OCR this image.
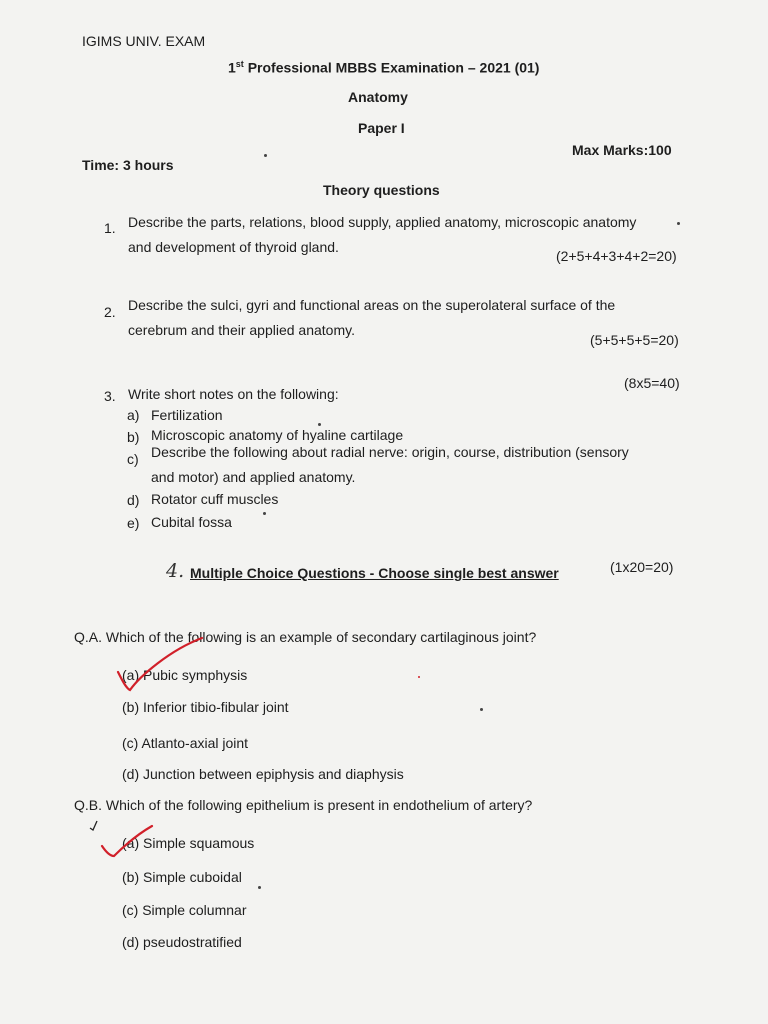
IGIMS UNIV. EXAM
1st Professional MBBS Examination – 2021 (01)
Anatomy
Paper I
Max Marks:100
Time: 3 hours
Theory questions
1. Describe the parts, relations, blood supply, applied anatomy, microscopic anatomy
and development of thyroid gland.
(2+5+4+3+4+2=20)
2. Describe the sulci, gyri and functional areas on the superolateral surface of the
cerebrum and their applied anatomy.
(5+5+5+5=20)
3. Write short notes on the following:
(8x5=40)
a) Fertilization
b) Microscopic anatomy of hyaline cartilage
c) Describe the following about radial nerve: origin, course, distribution (sensory
and motor) and applied anatomy.
d) Rotator cuff muscles
e) Cubital fossa
4. Multiple Choice Questions - Choose single best answer	(1x20=20)
Q.A. Which of the following is an example of secondary cartilaginous joint?
(a) Pubic symphysis
(b) Inferior tibio-fibular joint
(c) Atlanto-axial joint
(d) Junction between epiphysis and diaphysis
Q.B. Which of the following epithelium is present in endothelium of artery?
(a) Simple squamous
(b) Simple cuboidal
(c) Simple columnar
(d) pseudostratified
